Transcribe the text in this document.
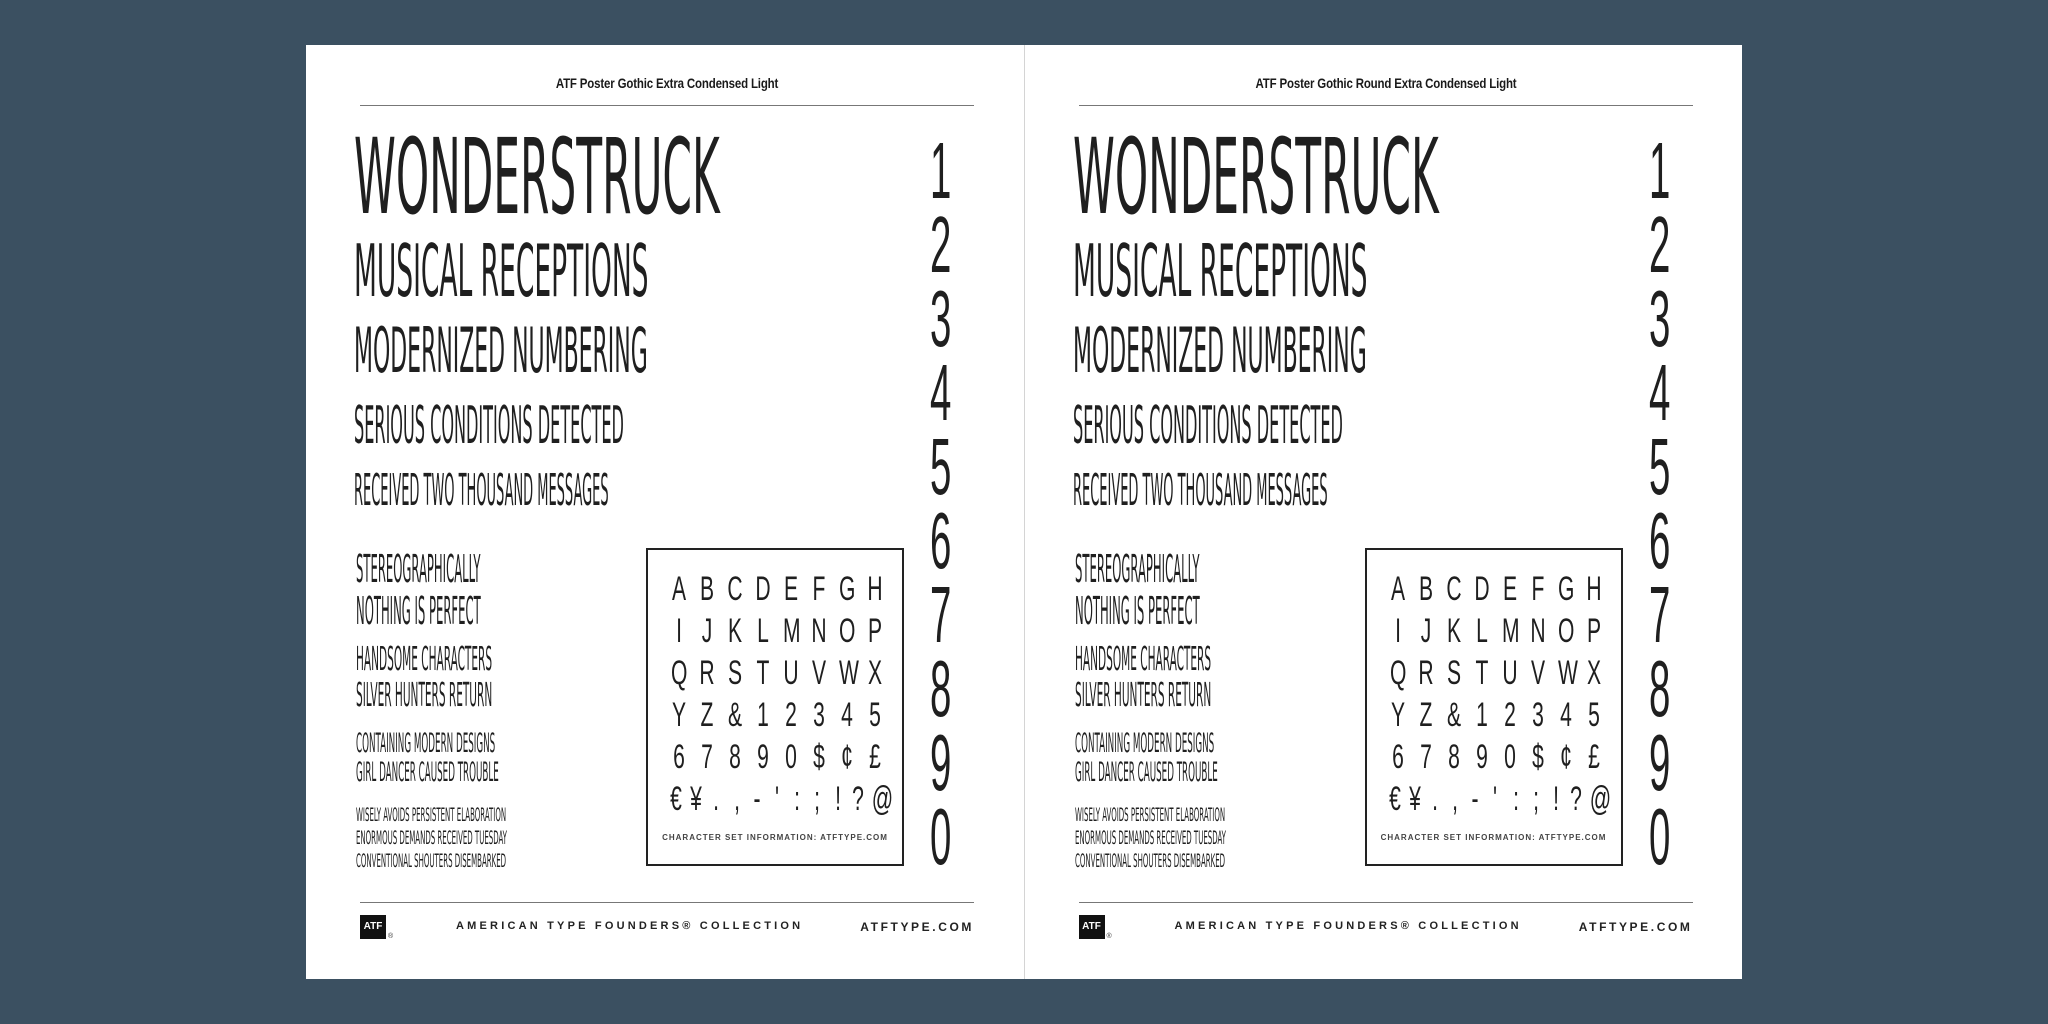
ATF Poster Gothic Extra Condensed Light
WONDERSTRUCK
MUSICAL RECEPTIONS
MODERNIZED NUMBERING
SERIOUS CONDITIONS DETECTED
RECEIVED TWO THOUSAND MESSAGES
STEREOGRAPHICALLY
NOTHING IS PERFECT
HANDSOME CHARACTERS
SILVER HUNTERS RETURN
CONTAINING MODERN DESIGNS
GIRL DANCER CAUSED TROUBLE
WISELY AVOIDS PERSISTENT ELABORATION
ENORMOUS DEMANDS RECEIVED TUESDAY
CONVENTIONAL SHOUTERS DISEMBARKED
1
2
3
4
5
6
7
8
9
0
A B C D E F G H
I J K L M N O P
Q R S T U V W X
Y Z & 1 2 3 4 5
6 7 8 9 0 $ ¢ £
€ ¥ . , - ' : ; ! ? @
CHARACTER SET INFORMATION: ATFTYPE.COM
ATF
®
AMERICAN TYPE FOUNDERS® COLLECTION	ATFTYPE.COM
ATF Poster Gothic Round Extra Condensed Light
WONDERSTRUCK
MUSICAL RECEPTIONS
MODERNIZED NUMBERING
SERIOUS CONDITIONS DETECTED
RECEIVED TWO THOUSAND MESSAGES
STEREOGRAPHICALLY
NOTHING IS PERFECT
HANDSOME CHARACTERS
SILVER HUNTERS RETURN
CONTAINING MODERN DESIGNS
GIRL DANCER CAUSED TROUBLE
WISELY AVOIDS PERSISTENT ELABORATION
ENORMOUS DEMANDS RECEIVED TUESDAY
CONVENTIONAL SHOUTERS DISEMBARKED
1
2
3
4
5
6
7
8
9
0
A B C D E F G H
I J K L M N O P
Q R S T U V W X
Y Z & 1 2 3 4 5
6 7 8 9 0 $ ¢ £
€ ¥ . , - ' : ; ! ? @
CHARACTER SET INFORMATION: ATFTYPE.COM
ATF
®
AMERICAN TYPE FOUNDERS® COLLECTION	ATFTYPE.COM
